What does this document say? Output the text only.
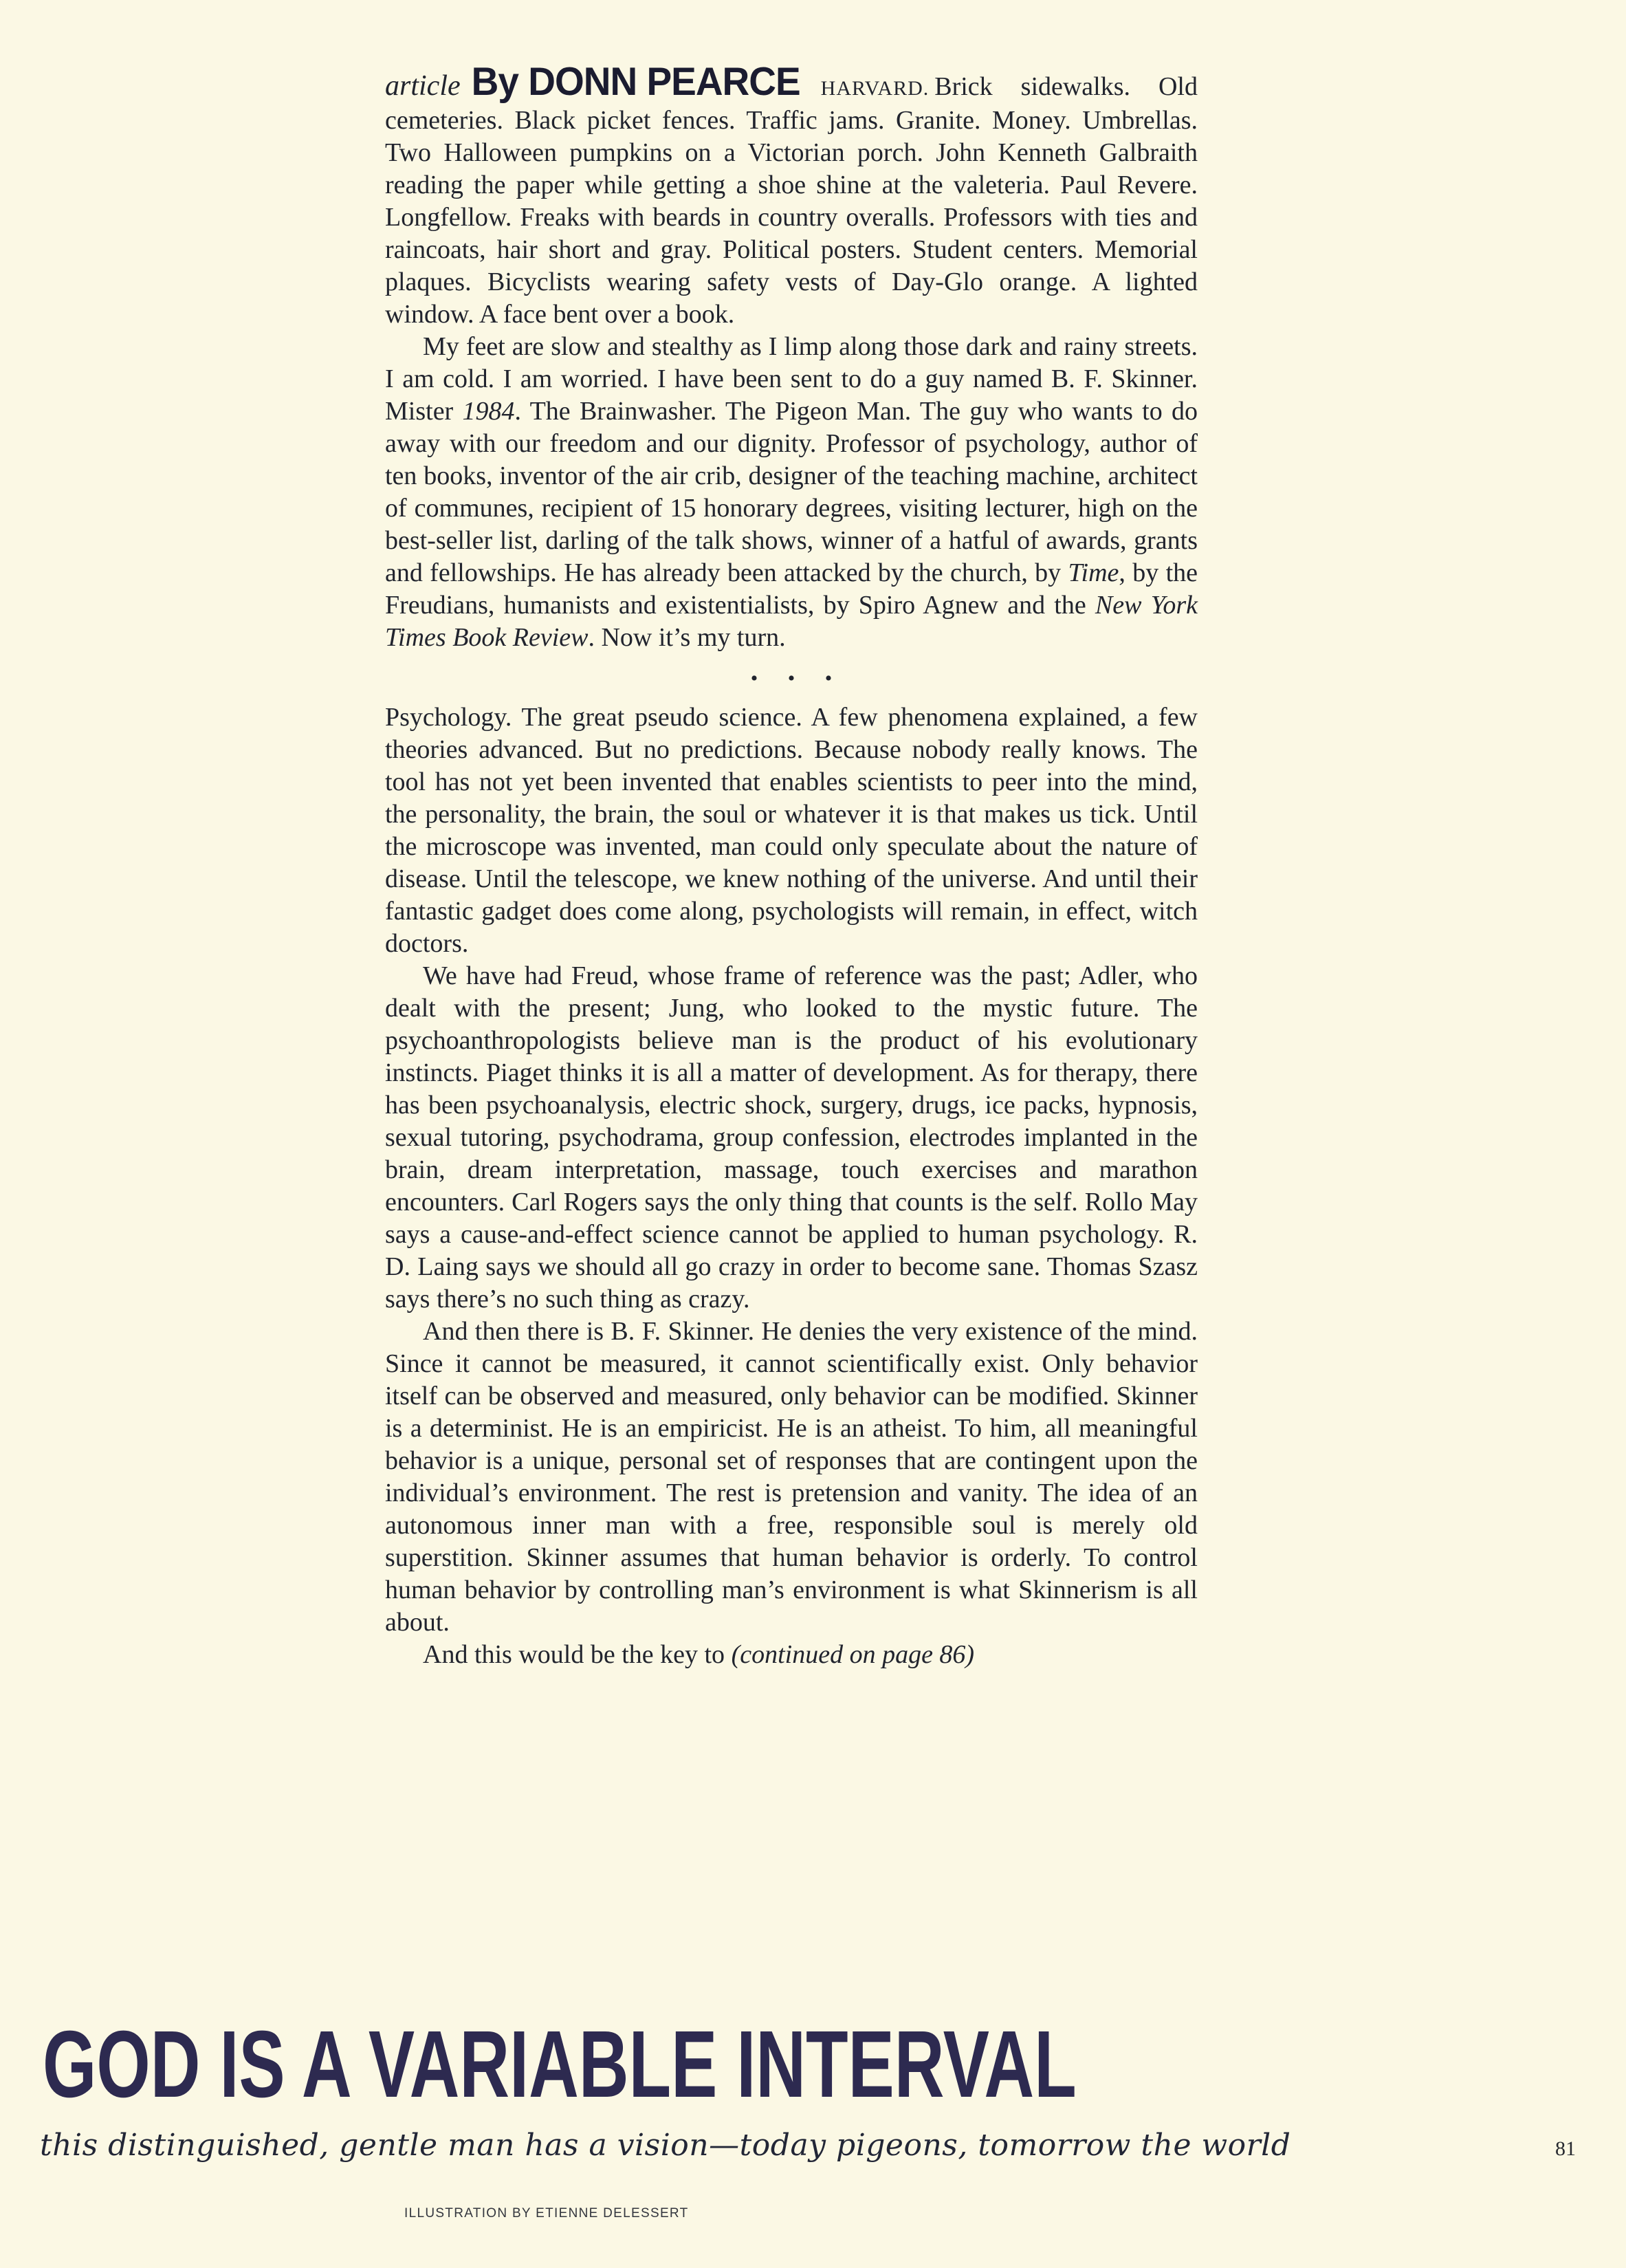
article By DONN PEARCE HARVARD. Brick sidewalks. Old cemeteries. Black picket fences. Traffic jams. Granite. Money. Umbrellas. Two Halloween pumpkins on a Victorian porch. John Kenneth Galbraith reading the paper while getting a shoe shine at the valeteria. Paul Revere. Longfellow. Freaks with beards in country overalls. Professors with ties and raincoats, hair short and gray. Political posters. Student centers. Memorial plaques. Bicyclists wearing safety vests of Day-Glo orange. A lighted window. A face bent over a book.

My feet are slow and stealthy as I limp along those dark and rainy streets. I am cold. I am worried. I have been sent to do a guy named B. F. Skinner. Mister 1984. The Brainwasher. The Pigeon Man. The guy who wants to do away with our freedom and our dignity. Professor of psychology, author of ten books, inventor of the air crib, designer of the teaching machine, architect of communes, recipient of 15 honorary degrees, visiting lecturer, high on the best-seller list, darling of the talk shows, winner of a hatful of awards, grants and fellowships. He has already been attacked by the church, by Time, by the Freudians, humanists and existentialists, by Spiro Agnew and the New York Times Book Review. Now it’s my turn.

• • •

Psychology. The great pseudo science. A few phenomena explained, a few theories advanced. But no predictions. Because nobody really knows. The tool has not yet been invented that enables scientists to peer into the mind, the personality, the brain, the soul or whatever it is that makes us tick. Until the microscope was invented, man could only speculate about the nature of disease. Until the telescope, we knew nothing of the universe. And until their fantastic gadget does come along, psychologists will remain, in effect, witch doctors.

We have had Freud, whose frame of reference was the past; Adler, who dealt with the present; Jung, who looked to the mystic future. The psychoanthropologists believe man is the product of his evolutionary instincts. Piaget thinks it is all a matter of development. As for therapy, there has been psychoanalysis, electric shock, surgery, drugs, ice packs, hypnosis, sexual tutoring, psychodrama, group confession, electrodes implanted in the brain, dream interpretation, massage, touch exercises and marathon encounters. Carl Rogers says the only thing that counts is the self. Rollo May says a cause-and-effect science cannot be applied to human psychology. R. D. Laing says we should all go crazy in order to become sane. Thomas Szasz says there’s no such thing as crazy.

And then there is B. F. Skinner. He denies the very existence of the mind. Since it cannot be measured, it cannot scientifically exist. Only behavior itself can be observed and measured, only behavior can be modified. Skinner is a determinist. He is an empiricist. He is an atheist. To him, all meaningful behavior is a unique, personal set of responses that are contingent upon the individual’s environment. The rest is pretension and vanity. The idea of an autonomous inner man with a free, responsible soul is merely old superstition. Skinner assumes that human behavior is orderly. To control human behavior by controlling man’s environment is what Skinnerism is all about.

And this would be the key to (continued on page 86)

GOD IS A VARIABLE INTERVAL
this distinguished, gentle man has a vision—today pigeons, tomorrow the world
ILLUSTRATION BY ETIENNE DELESSERT
81
